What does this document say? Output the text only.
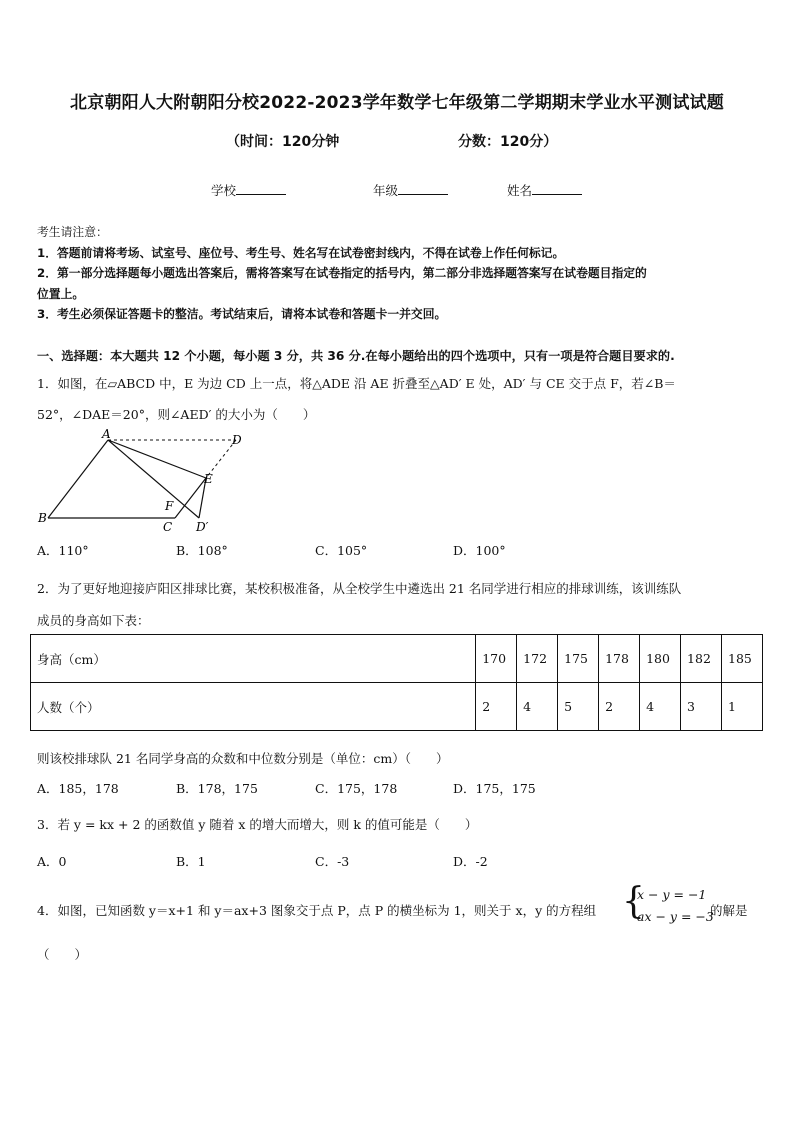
北京朝阳人大附朝阳分校2022-2023学年数学七年级第二学期期末学业水平测试试题
（时间：120分钟	分数：120分）
学校	年级	姓名
考生请注意：
1．答题前请将考场、试室号、座位号、考生号、姓名写在试卷密封线内，不得在试卷上作任何标记。
2．第一部分选择题每小题选出答案后，需将答案写在试卷指定的括号内，第二部分非选择题答案写在试卷题目指定的
位置上。
3．考生必须保证答题卡的整洁。考试结束后，请将本试卷和答题卡一并交回。
一、选择题：本大题共 12 个小题，每小题 3 分，共 36 分.在每小题给出的四个选项中，只有一项是符合题目要求的.
1．如图，在▱ABCD 中，E 为边 CD 上一点，将△ADE 沿 AE 折叠至△AD′ E 处，AD′ 与 CE 交于点 F，若∠B＝
52°，∠DAE＝20°，则∠AED′ 的大小为（　　）
A	D
E
F
B
C D′
A．110°	B．108°	C．105°	D．100°
2．为了更好地迎接庐阳区排球比赛，某校积极准备，从全校学生中遴选出 21 名同学进行相应的排球训练，该训练队
成员的身高如下表：
身高（cm）	170	172	175	178	180	182	185
人数（个）	2	4	5	2	4	3	1
则该校排球队 21 名同学身高的众数和中位数分别是（单位：cm）（　　）
A．185，178	B．178，175	C．175，178	D．175，175
3．若 y = kx + 2 的函数值 y 随着 x 的增大而增大，则 k 的值可能是（　　）
A．0	B．1	C．-3	D．-2
4．如图，已知函数 y＝x+1 和 y＝ax+3 图象交于点 P，点 P 的横坐标为 1，则关于 x，y 的方程组 {
x − y = −1
ax − y = −3
的解是
（　　）
